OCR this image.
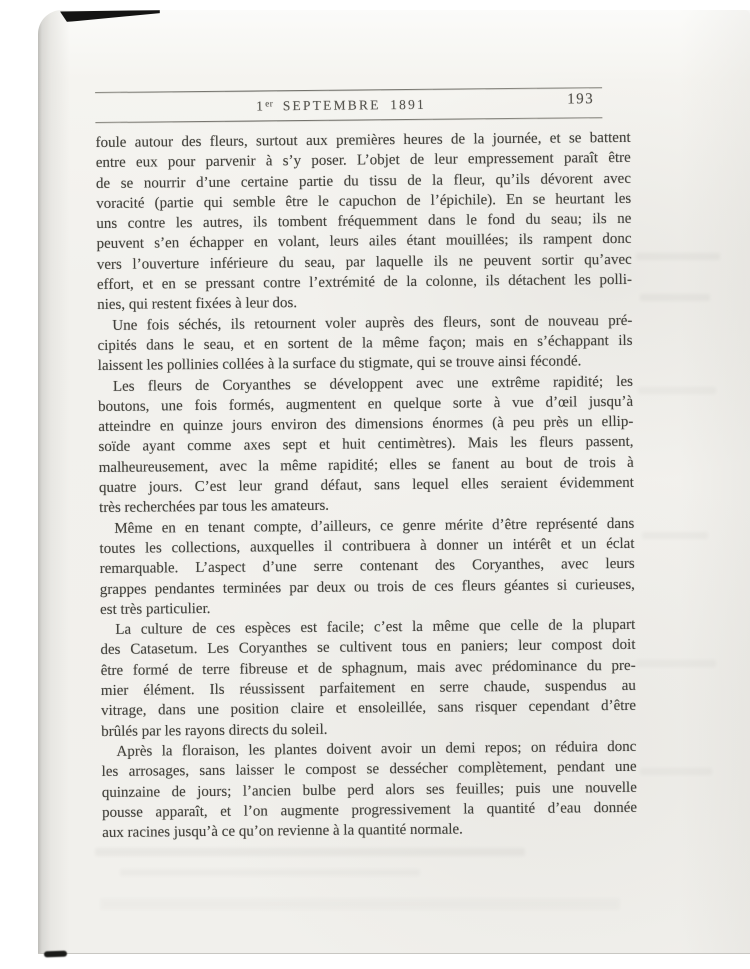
1er SEPTEMBRE 1891	193
foule autour des fleurs, surtout aux premières heures de la journée, et se battent
entre eux pour parvenir à s’y poser. L’objet de leur empressement paraît être
de se nourrir d’une certaine partie du tissu de la fleur, qu’ils dévorent avec
voracité (partie qui semble être le capuchon de l’épichile). En se heurtant les
uns contre les autres, ils tombent fréquemment dans le fond du seau; ils ne
peuvent s’en échapper en volant, leurs ailes étant mouillées; ils rampent donc
vers l’ouverture inférieure du seau, par laquelle ils ne peuvent sortir qu’avec
effort, et en se pressant contre l’extrémité de la colonne, ils détachent les polli-
nies, qui restent fixées à leur dos.
Une fois séchés, ils retournent voler auprès des fleurs, sont de nouveau pré-
cipités dans le seau, et en sortent de la même façon; mais en s’échappant ils
laissent les pollinies collées à la surface du stigmate, qui se trouve ainsi fécondé.
Les fleurs de Coryanthes se développent avec une extrême rapidité; les
boutons, une fois formés, augmentent en quelque sorte à vue d’œil jusqu’à
atteindre en quinze jours environ des dimensions énormes (à peu près un ellip-
soïde ayant comme axes sept et huit centimètres). Mais les fleurs passent,
malheureusement, avec la même rapidité; elles se fanent au bout de trois à
quatre jours. C’est leur grand défaut, sans lequel elles seraient évidemment
très recherchées par tous les amateurs.
Même en en tenant compte, d’ailleurs, ce genre mérite d’être représenté dans
toutes les collections, auxquelles il contribuera à donner un intérêt et un éclat
remarquable. L’aspect d’une serre contenant des Coryanthes, avec leurs
grappes pendantes terminées par deux ou trois de ces fleurs géantes si curieuses,
est très particulier.
La culture de ces espèces est facile; c’est la même que celle de la plupart
des Catasetum. Les Coryanthes se cultivent tous en paniers; leur compost doit
être formé de terre fibreuse et de sphagnum, mais avec prédominance du pre-
mier élément. Ils réussissent parfaitement en serre chaude, suspendus au
vitrage, dans une position claire et ensoleillée, sans risquer cependant d’être
brûlés par les rayons directs du soleil.
Après la floraison, les plantes doivent avoir un demi repos; on réduira donc
les arrosages, sans laisser le compost se dessécher complètement, pendant une
quinzaine de jours; l’ancien bulbe perd alors ses feuilles; puis une nouvelle
pousse apparaît, et l’on augmente progressivement la quantité d’eau donnée
aux racines jusqu’à ce qu’on revienne à la quantité normale.
